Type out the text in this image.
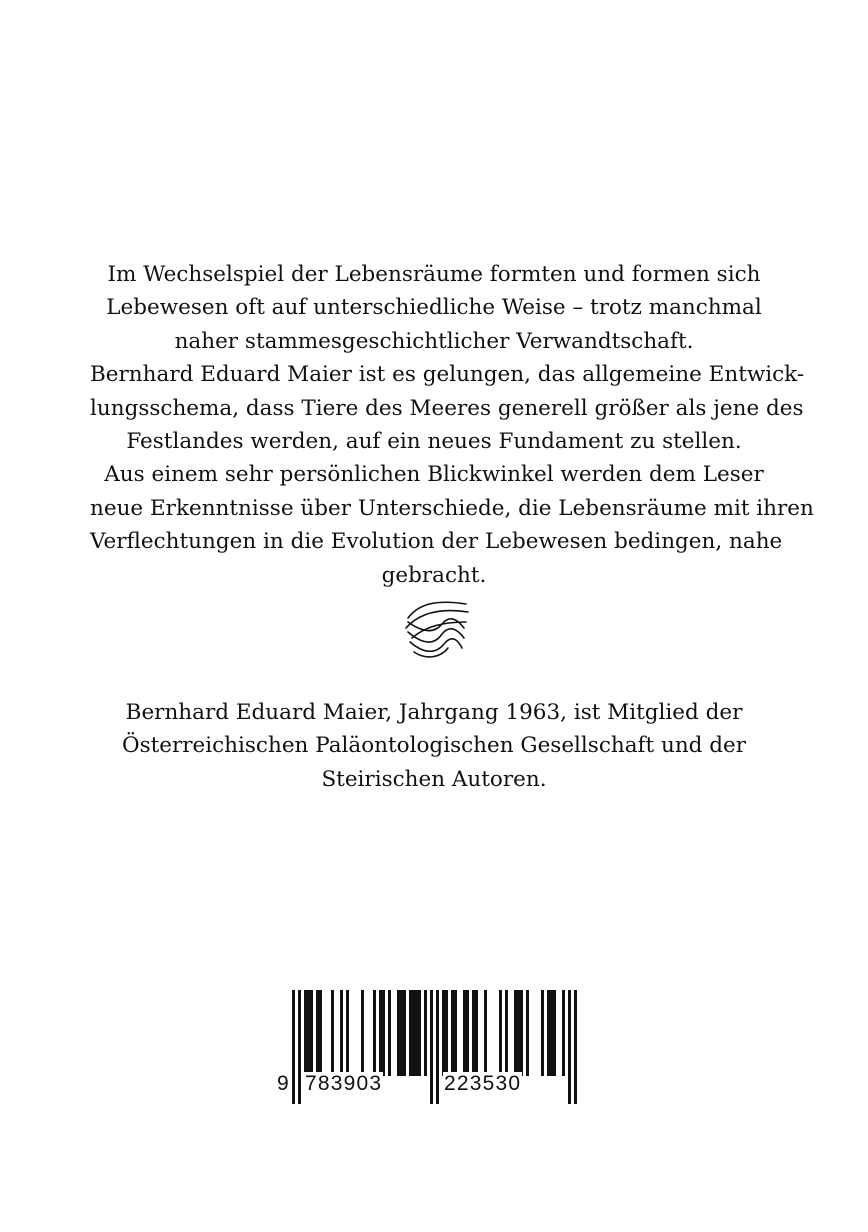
Im Wechselspiel der Lebensräume formten und formen sich
Lebewesen oft auf unterschiedliche Weise – trotz manchmal
naher stammesgeschichtlicher Verwandtschaft.
Bernhard Eduard Maier ist es gelungen, das allgemeine Entwick-
lungsschema, dass Tiere des Meeres generell größer als jene des
Festlandes werden, auf ein neues Fundament zu stellen.
Aus einem sehr persönlichen Blickwinkel werden dem Leser
neue Erkenntnisse über Unterschiede, die Lebensräume mit ihren
Verflechtungen in die Evolution der Lebewesen bedingen, nahe
gebracht.
Bernhard Eduard Maier, Jahrgang 1963, ist Mitglied der
Österreichischen Paläontologischen Gesellschaft und der
Steirischen Autoren.
9 783903	223530
